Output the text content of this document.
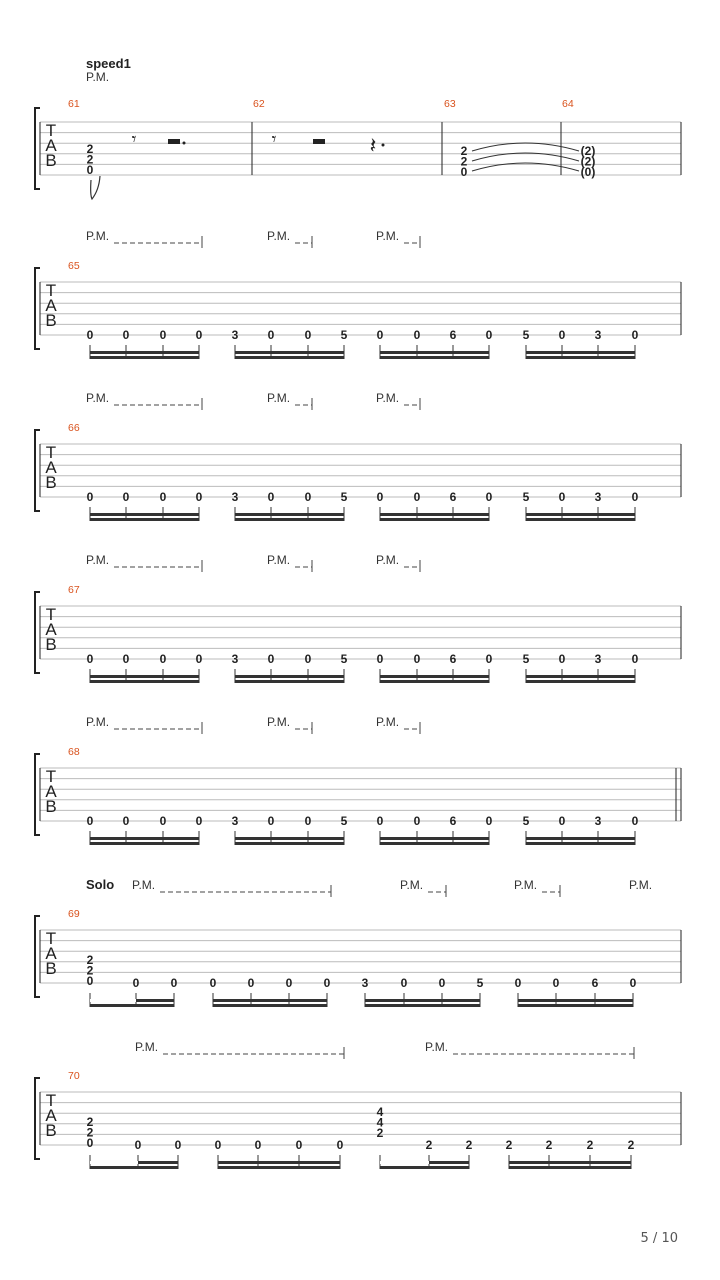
speed1
P.M.
T
A
B
61	62	63	64
2
2
0
𝄾	𝄾	𝄽	2
2
0
(2)
(2)
(0)
P.M.	P.M.	P.M.
T
A
B
65
0 0	0 0 3 0	0 5 0	0 6 0	5 0 3	0
P.M.	P.M.	P.M.
T
A
B
66
0 0	0 0 3 0	0 5 0	0 6 0	5 0 3	0
P.M.	P.M.	P.M.
T
A
B
67
0 0	0 0 3 0	0 5 0	0 6 0	5 0 3	0
P.M.	P.M.	P.M.
T
A
B
68
0 0	0 0 3 0	0 5 0	0 6 0	5 0 3	0
Solo P.M.	P.M.	P.M.	P.M.
T
A
B
69
2
2
0	0	0	0	0	0	0	3	0	0	5	0	0	6	0
P.M.	P.M.
T
A
B
70
2
2
0	0	0	0	0	0	0
4
4
2
2	2	2	2	2	2
5 / 10
